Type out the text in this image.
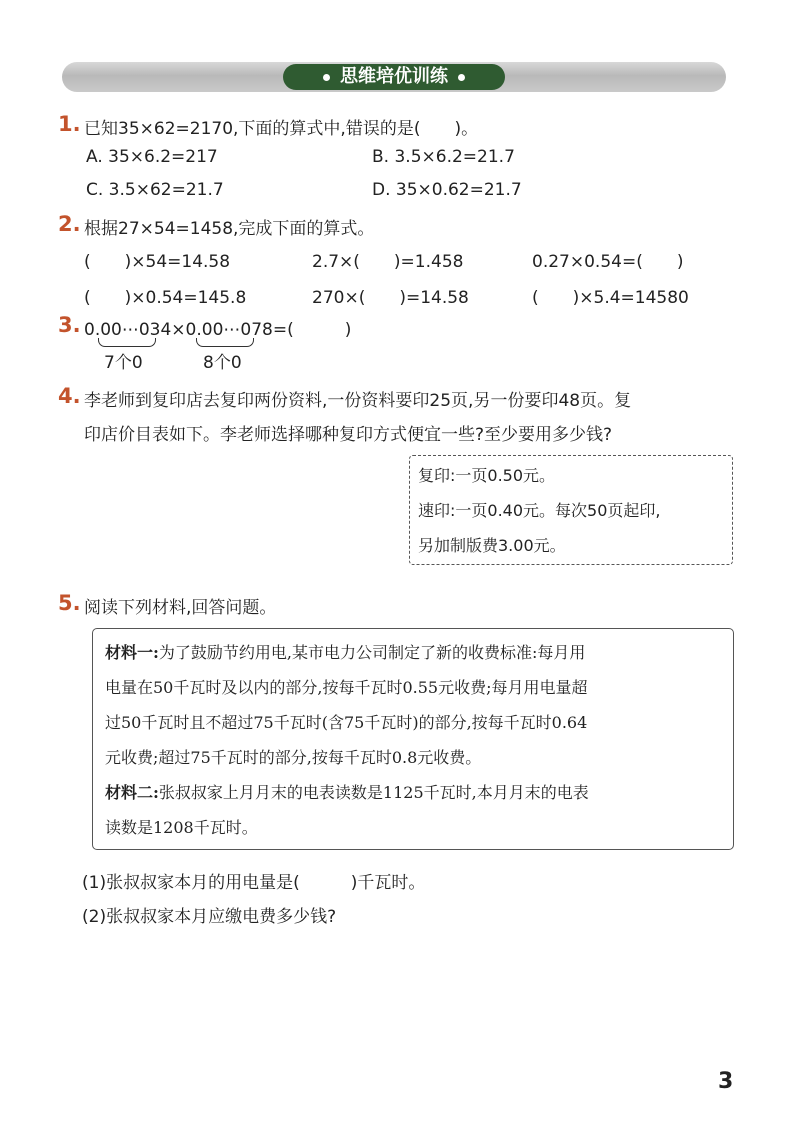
思维培优训练
1. 已知35×62=2170,下面的算式中,错误的是(　　)。
A. 35×6.2=217	B. 3.5×6.2=21.7
C. 3.5×62=21.7	D. 35×0.62=21.7
2. 根据27×54=1458,完成下面的算式。
(　　)×54=14.58	2.7×(　　)=1.458	0.27×0.54=(　　)
(　　)×0.54=145.8	270×(　　)=14.58	(　　)×5.4=14580
3. 0.00⋯034×0.00⋯078=(　　　)
7个0	8个0
4. 李老师到复印店去复印两份资料,一份资料要印25页,另一份要印48页。复
印店价目表如下。李老师选择哪种复印方式便宜一些?至少要用多少钱?
复印:一页0.50元。
速印:一页0.40元。每次50页起印,
另加制版费3.00元。
5. 阅读下列材料,回答问题。
材料一:为了鼓励节约用电,某市电力公司制定了新的收费标准:每月用
电量在50千瓦时及以内的部分,按每千瓦时0.55元收费;每月用电量超
过50千瓦时且不超过75千瓦时(含75千瓦时)的部分,按每千瓦时0.64
元收费;超过75千瓦时的部分,按每千瓦时0.8元收费。
材料二:张叔叔家上月月末的电表读数是1125千瓦时,本月月末的电表
读数是1208千瓦时。
(1)张叔叔家本月的用电量是(　　　)千瓦时。
(2)张叔叔家本月应缴电费多少钱?
3
